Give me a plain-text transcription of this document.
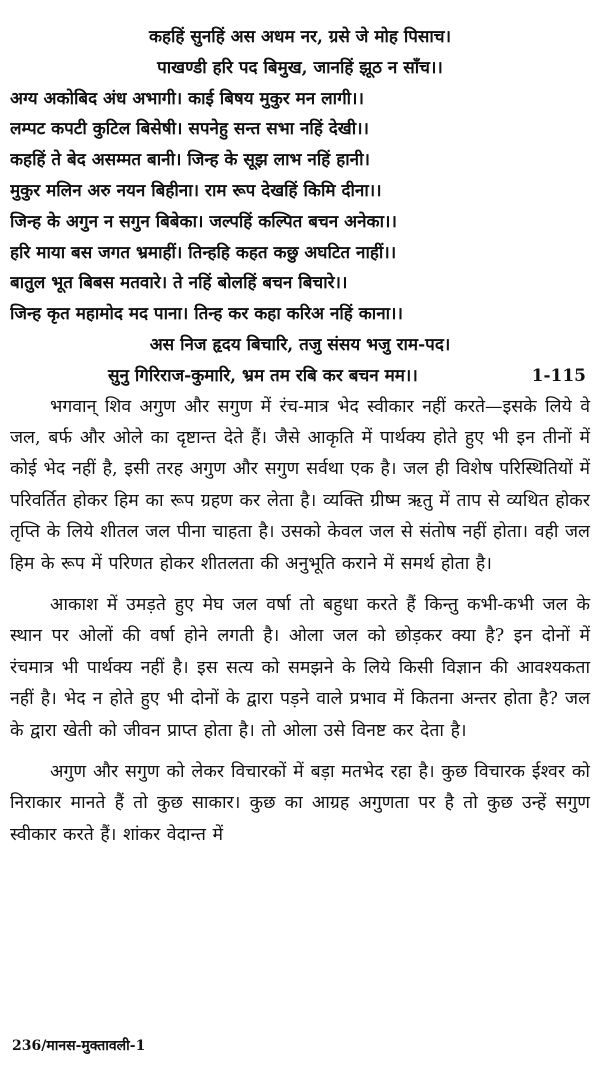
कहहिं सुनहिं अस अधम नर, ग्रसे जे मोह पिसाच।
पाखण्डी हरि पद बिमुख, जानहिं झूठ न साँच।।
अग्य अकोबिद अंध अभागी। काई बिषय मुकुर मन लागी।।
लम्पट कपटी कुटिल बिसेषी। सपनेहु सन्त सभा नहिं देखी।।
कहहिं ते बेद असम्मत बानी। जिन्ह के सूझ लाभ नहिं हानी।
मुकुर मलिन अरु नयन बिहीना। राम रूप देखहिं किमि दीना।।
जिन्ह के अगुन न सगुन बिबेका। जल्पहिं कल्पित बचन अनेका।।
हरि माया बस जगत भ्रमाहीं। तिन्हहि कहत कछु अघटित नाहीं।।
बातुल भूत बिबस मतवारे। ते नहिं बोलहिं बचन बिचारे।।
जिन्ह कृत महामोद मद पाना। तिन्ह कर कहा करिअ नहिं काना।।
अस निज हृदय बिचारि, तजु संसय भजु राम-पद।
सुनु गिरिराज-कुमारि, भ्रम तम रबि कर बचन मम।।	1-115

भगवान् शिव अगुण और सगुण में रंच-मात्र भेद स्वीकार नहीं करते—इसके लिये वे जल, बर्फ और ओले का दृष्टान्त देते हैं। जैसे आकृति में पार्थक्य होते हुए भी इन तीनों में कोई भेद नहीं है, इसी तरह अगुण और सगुण सर्वथा एक है। जल ही विशेष परिस्थितियों में परिवर्तित होकर हिम का रूप ग्रहण कर लेता है। व्यक्ति ग्रीष्म ऋतु में ताप से व्यथित होकर तृप्ति के लिये शीतल जल पीना चाहता है। उसको केवल जल से संतोष नहीं होता। वही जल हिम के रूप में परिणत होकर शीतलता की अनुभूति कराने में समर्थ होता है।

आकाश में उमड़ते हुए मेघ जल वर्षा तो बहुधा करते हैं किन्तु कभी-कभी जल के स्थान पर ओलों की वर्षा होने लगती है। ओला जल को छोड़कर क्या है? इन दोनों में रंचमात्र भी पार्थक्य नहीं है। इस सत्य को समझने के लिये किसी विज्ञान की आवश्यकता नहीं है। भेद न होते हुए भी दोनों के द्वारा पड़ने वाले प्रभाव में कितना अन्तर होता है? जल के द्वारा खेती को जीवन प्राप्त होता है। तो ओला उसे विनष्ट कर देता है।

अगुण और सगुण को लेकर विचारकों में बड़ा मतभेद रहा है। कुछ विचारक ईश्वर को निराकार मानते हैं तो कुछ साकार। कुछ का आग्रह अगुणता पर है तो कुछ उन्हें सगुण स्वीकार करते हैं। शांकर वेदान्त में

236/मानस-मुक्तावली-1
